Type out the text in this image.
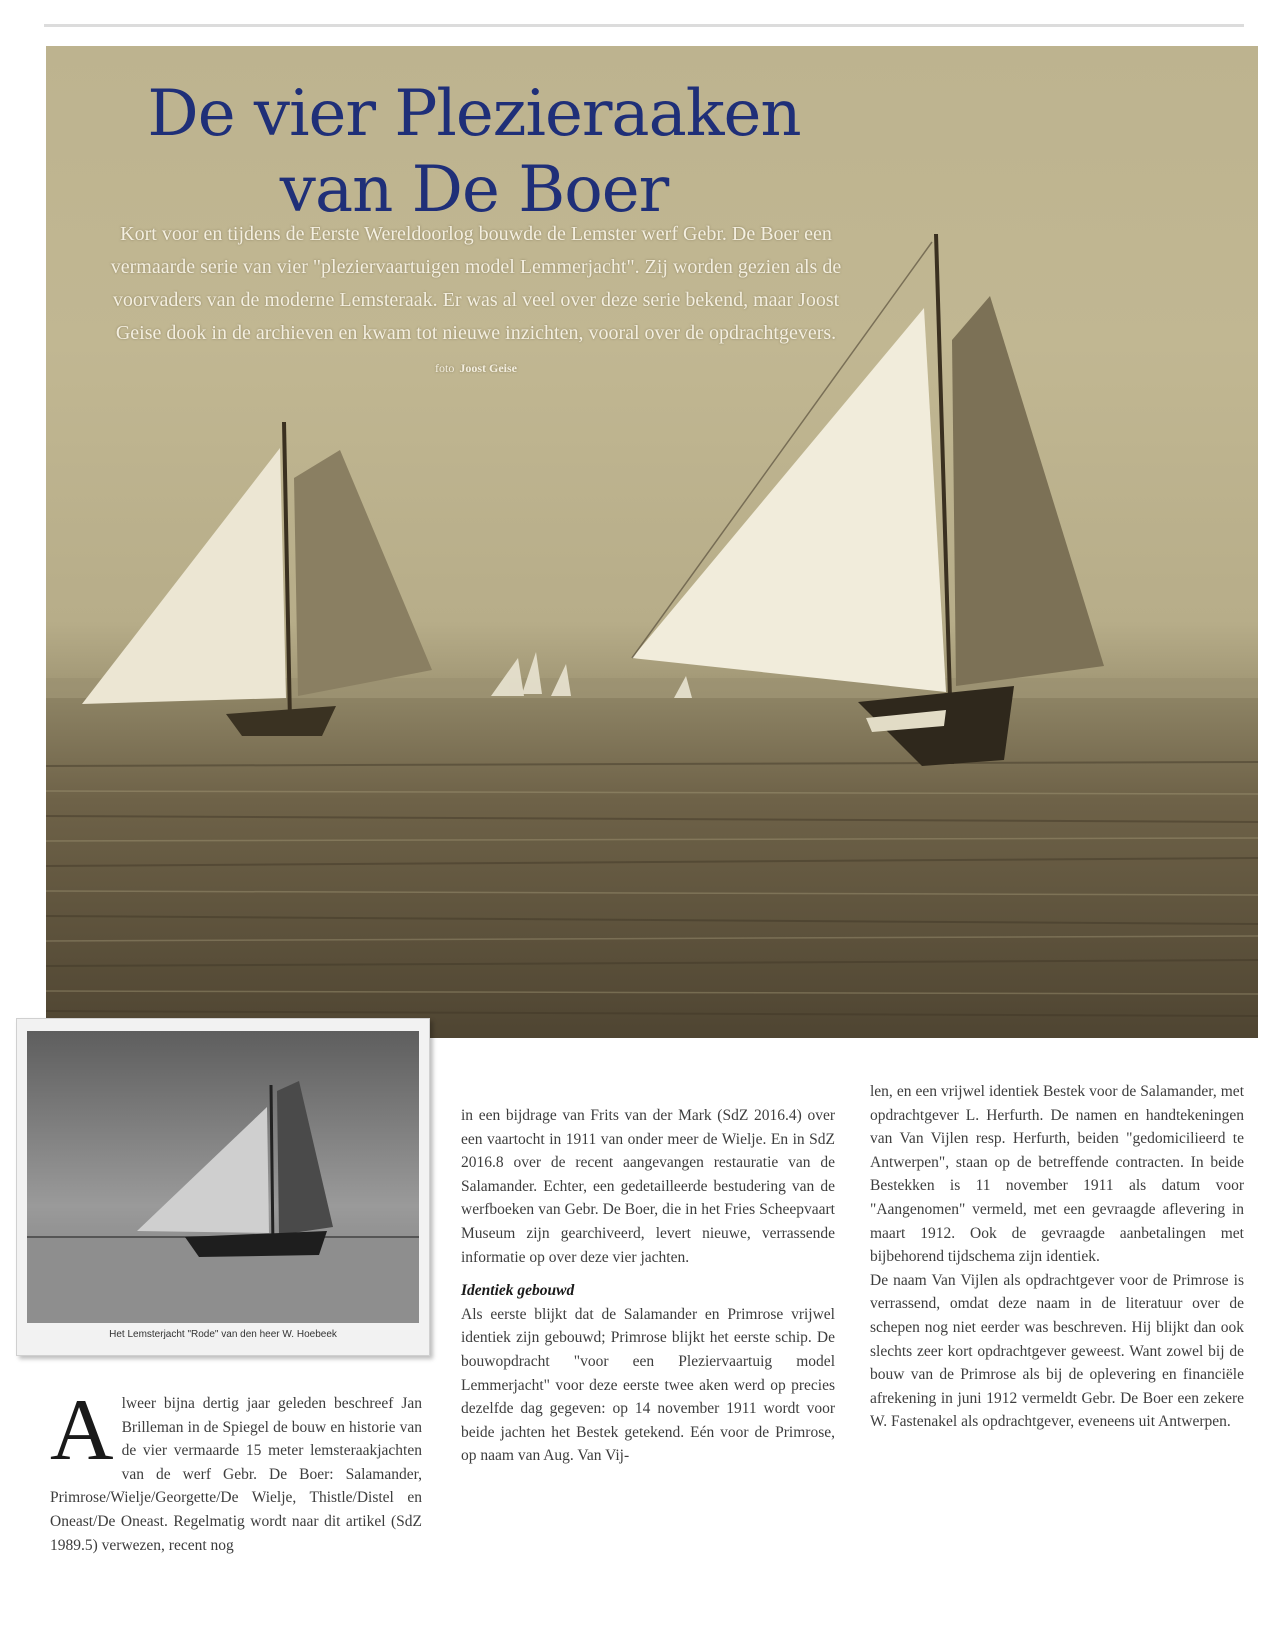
De vier Plezieraaken
van De Boer

Kort voor en tijdens de Eerste Wereldoorlog bouwde de Lemster werf Gebr. De Boer een vermaarde serie van vier "pleziervaartuigen model Lemmerjacht". Zij worden gezien als de voorvaders van de moderne Lemsteraak. Er was al veel over deze serie bekend, maar Joost Geise dook in de archieven en kwam tot nieuwe inzichten, vooral over de opdrachtgevers. foto Joost Geise

Het Lemsterjacht "Rode" van den heer W. Hoebeek

A lweer bijna dertig jaar geleden beschreef Jan Brilleman in de Spiegel de bouw en historie van de vier vermaarde 15 meter lemsteraakjachten van de werf Gebr. De Boer: Salamander, Primrose/Wielje/Georgette/De Wielje, Thistle/Distel en Oneast/De Oneast. Regelmatig wordt naar dit artikel (SdZ 1989.5) verwezen, recent nog

in een bijdrage van Frits van der Mark (SdZ 2016.4) over een vaartocht in 1911 van onder meer de Wielje. En in SdZ 2016.8 over de recent aangevangen restauratie van de Salamander. Echter, een gedetailleerde bestudering van de werfboeken van Gebr. De Boer, die in het Fries Scheepvaart Museum zijn gearchiveerd, levert nieuwe, verrassende informatie op over deze vier jachten.

Identiek gebouwd

Als eerste blijkt dat de Salamander en Primrose vrijwel identiek zijn gebouwd; Primrose blijkt het eerste schip. De bouwopdracht "voor een Pleziervaartuig model Lemmerjacht" voor deze eerste twee aken werd op precies dezelfde dag gegeven: op 14 november 1911 wordt voor beide jachten het Bestek getekend. Eén voor de Primrose, op naam van Aug. Van Vij-

len, en een vrijwel identiek Bestek voor de Salamander, met opdrachtgever L. Herfurth. De namen en handtekeningen van Van Vijlen resp. Herfurth, beiden "gedomicilieerd te Antwerpen", staan op de betreffende contracten. In beide Bestekken is 11 november 1911 als datum voor "Aangenomen" vermeld, met een gevraagde aflevering in maart 1912. Ook de gevraagde aanbetalingen met bijbehorend tijdschema zijn identiek.

De naam Van Vijlen als opdrachtgever voor de Primrose is verrassend, omdat deze naam in de literatuur over de schepen nog niet eerder was beschreven. Hij blijkt dan ook slechts zeer kort opdrachtgever geweest. Want zowel bij de bouw van de Primrose als bij de oplevering en financiële afrekening in juni 1912 vermeldt Gebr. De Boer een zekere W. Fastenakel als opdrachtgever, eveneens uit Antwerpen.
